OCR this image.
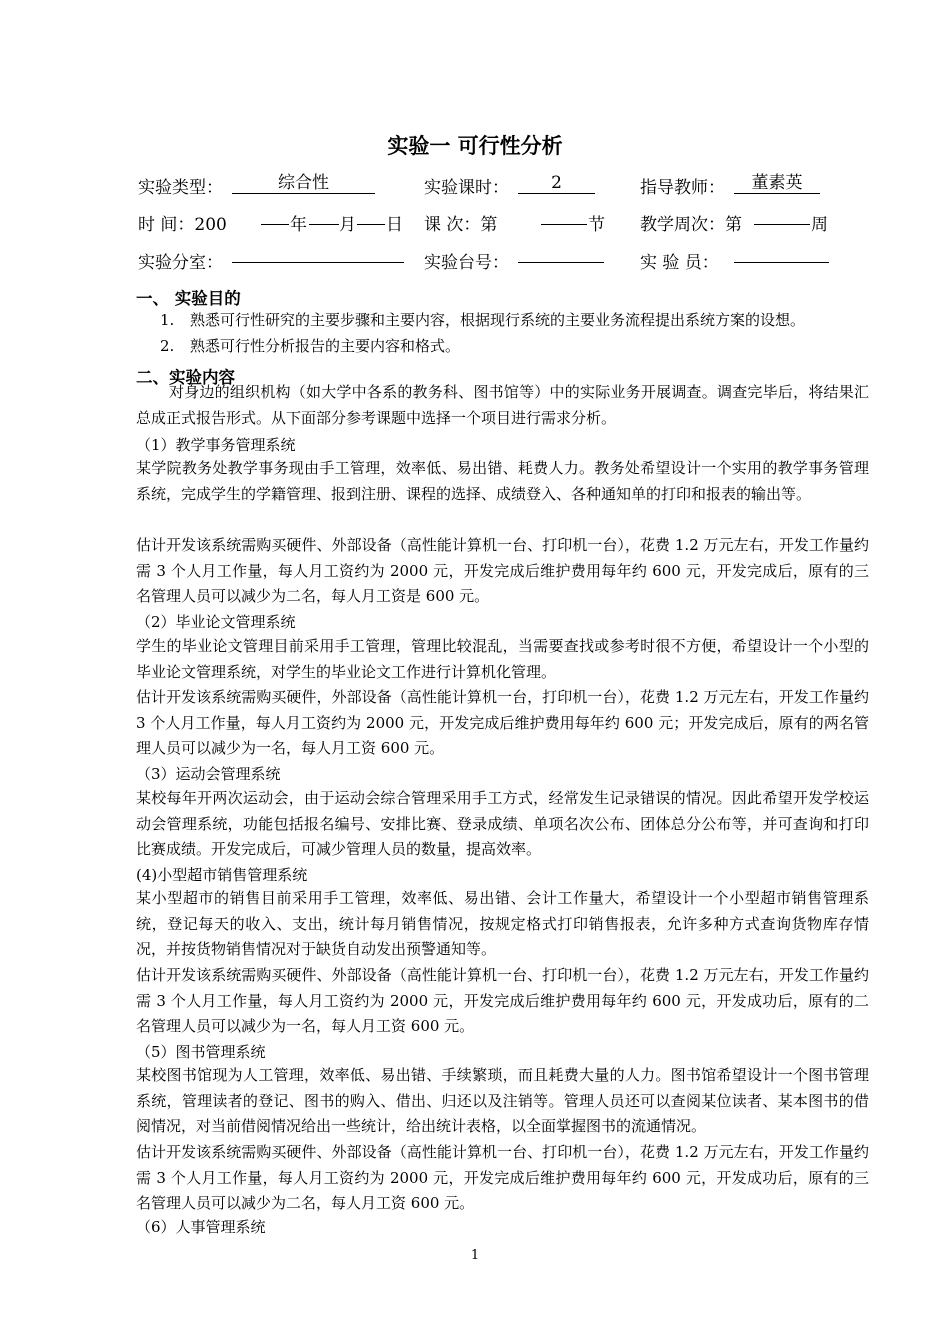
实验一 可行性分析
实验类型：	综合性	实验课时：	2	指导教师：	董素英
时 间：200	年 月 日 课 次：第	节 教学周次：第	周
实验分室：	实验台号：	实 验 员：
一、 实验目的
1. 熟悉可行性研究的主要步骤和主要内容，根据现行系统的主要业务流程提出系统方案的设想。
2. 熟悉可行性分析报告的主要内容和格式。
二、实验内容
对身边的组织机构（如大学中各系的教务科、图书馆等）中的实际业务开展调查。调查完毕后，将结果汇总成正式报告形式。从下面部分参考课题中选择一个项目进行需求分析。
（1）教学事务管理系统
某学院教务处教学事务现由手工管理，效率低、易出错、耗费人力。教务处希望设计一个实用的教学事务管理系统，完成学生的学籍管理、报到注册、课程的选择、成绩登入、各种通知单的打印和报表的输出等。
估计开发该系统需购买硬件、外部设备（高性能计算机一台、打印机一台），花费 1.2 万元左右，开发工作量约需 3 个人月工作量，每人月工资约为 2000 元，开发完成后维护费用每年约 600 元，开发完成后，原有的三名管理人员可以减少为二名，每人月工资是 600 元。
（2）毕业论文管理系统
学生的毕业论文管理目前采用手工管理，管理比较混乱，当需要查找或参考时很不方便，希望设计一个小型的毕业论文管理系统，对学生的毕业论文工作进行计算机化管理。
估计开发该系统需购买硬件，外部设备（高性能计算机一台，打印机一台），花费 1.2 万元左右，开发工作量约 3 个人月工作量，每人月工资约为 2000 元，开发完成后维护费用每年约 600 元；开发完成后，原有的两名管理人员可以减少为一名，每人月工资 600 元。
（3）运动会管理系统
某校每年开两次运动会，由于运动会综合管理采用手工方式，经常发生记录错误的情况。因此希望开发学校运动会管理系统，功能包括报名编号、安排比赛、登录成绩、单项名次公布、团体总分公布等，并可查询和打印比赛成绩。开发完成后，可减少管理人员的数量，提高效率。
(4)小型超市销售管理系统
某小型超市的销售目前采用手工管理，效率低、易出错、会计工作量大，希望设计一个小型超市销售管理系统，登记每天的收入、支出，统计每月销售情况，按规定格式打印销售报表，允许多种方式查询货物库存情况，并按货物销售情况对于缺货自动发出预警通知等。
估计开发该系统需购买硬件、外部设备（高性能计算机一台、打印机一台），花费 1.2 万元左右，开发工作量约需 3 个人月工作量，每人月工资约为 2000 元，开发完成后维护费用每年约 600 元，开发成功后，原有的二名管理人员可以减少为一名，每人月工资 600 元。
（5）图书管理系统
某校图书馆现为人工管理，效率低、易出错、手续繁琐，而且耗费大量的人力。图书馆希望设计一个图书管理系统，管理读者的登记、图书的购入、借出、归还以及注销等。管理人员还可以查阅某位读者、某本图书的借阅情况，对当前借阅情况给出一些统计，给出统计表格，以全面掌握图书的流通情况。
估计开发该系统需购买硬件、外部设备（高性能计算机一台、打印机一台），花费 1.2 万元左右，开发工作量约需 3 个人月工作量，每人月工资约为 2000 元，开发完成后维护费用每年约 600 元，开发成功后，原有的三名管理人员可以减少为二名，每人月工资 600 元。
（6）人事管理系统
1
